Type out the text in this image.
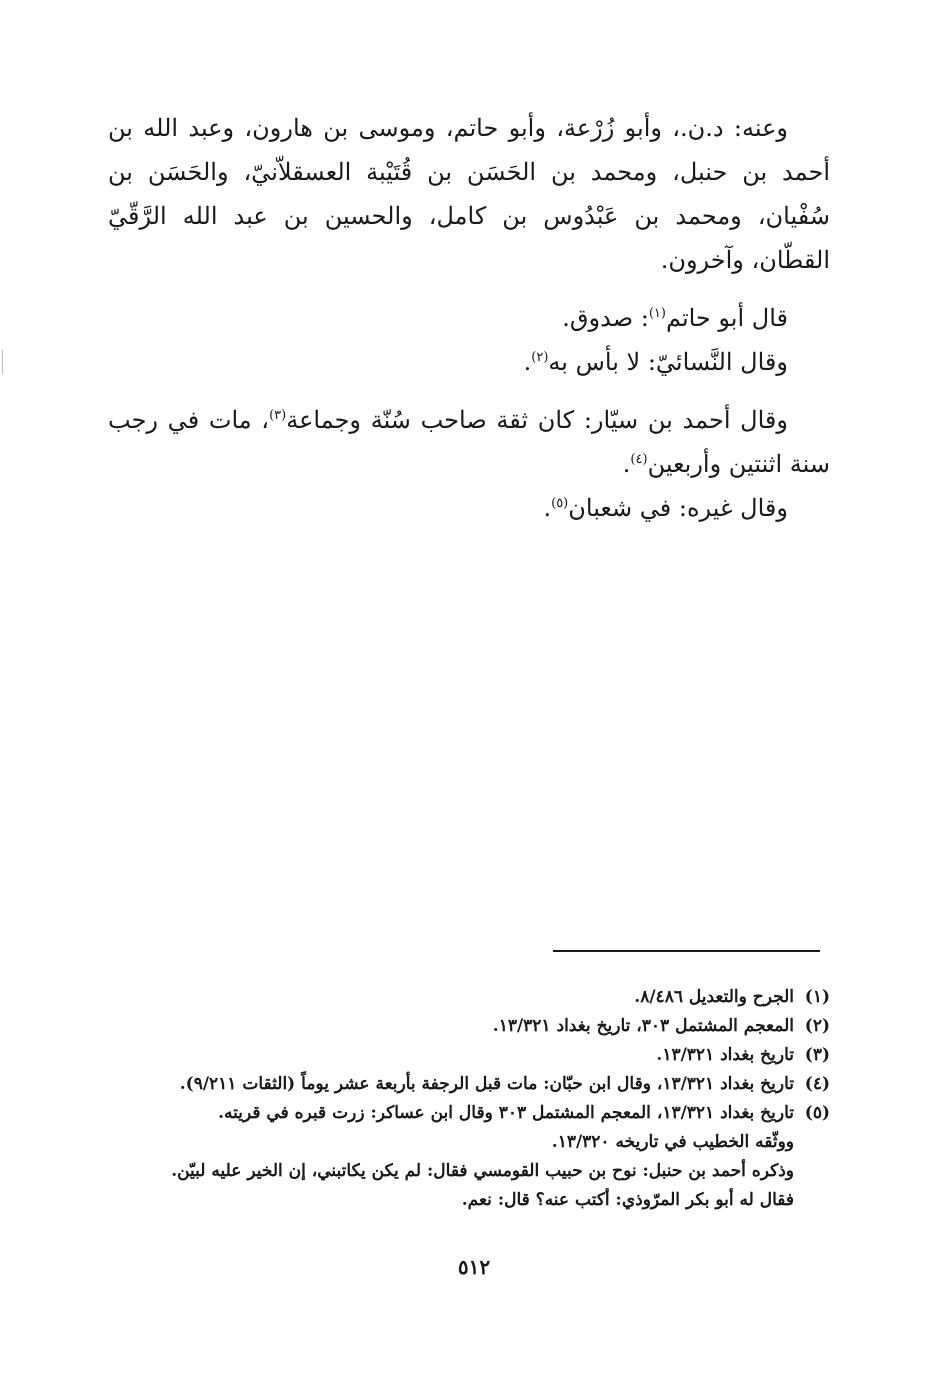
وعنه: د.ن.، وأبو زُرْعة، وأبو حاتم، وموسى بن هارون، وعبد الله بن أحمد بن حنبل، ومحمد بن الحَسَن بن قُتَيْبة العسقلاّنيّ، والحَسَن بن سُفْيان، ومحمد بن عَبْدُوس بن كامل، والحسين بن عبد الله الرَّقّيّ القطّان، وآخرون.

قال أبو حاتم$^{(١)}$: صدوق.

وقال النَّسائيّ: لا بأس به$^{(٢)}$.

وقال أحمد بن سيّار: كان ثقة صاحب سُنّة وجماعة$^{(٣)}$، مات في رجب سنة اثنتين وأربعين$^{(٤)}$.

وقال غيره: في شعبان$^{(٥)}$.

(١)
الجرح والتعديل ٨/٤٨٦.
(٢)
المعجم المشتمل ٣٠٣، تاريخ بغداد ١٣/٣٢١.
(٣)
تاريخ بغداد ١٣/٣٢١.
(٤)
تاريخ بغداد ١٣/٣٢١، وقال ابن حبّان: مات قبل الرجفة بأربعة عشر يوماً (الثقات ٩/٢١١).
(٥)
تاريخ بغداد ١٣/٣٢١، المعجم المشتمل ٣٠٣ وقال ابن عساكر: زرت قبره في قريته.
ووثّقه الخطيب في تاريخه ١٣/٣٢٠.
وذكره أحمد بن حنبل: نوح بن حبيب القومسي فقال: لم يكن يكاتبني، إن الخير عليه لبيّن.
فقال له أبو بكر المرّوذي: أكتب عنه؟ قال: نعم.
٥١٢
